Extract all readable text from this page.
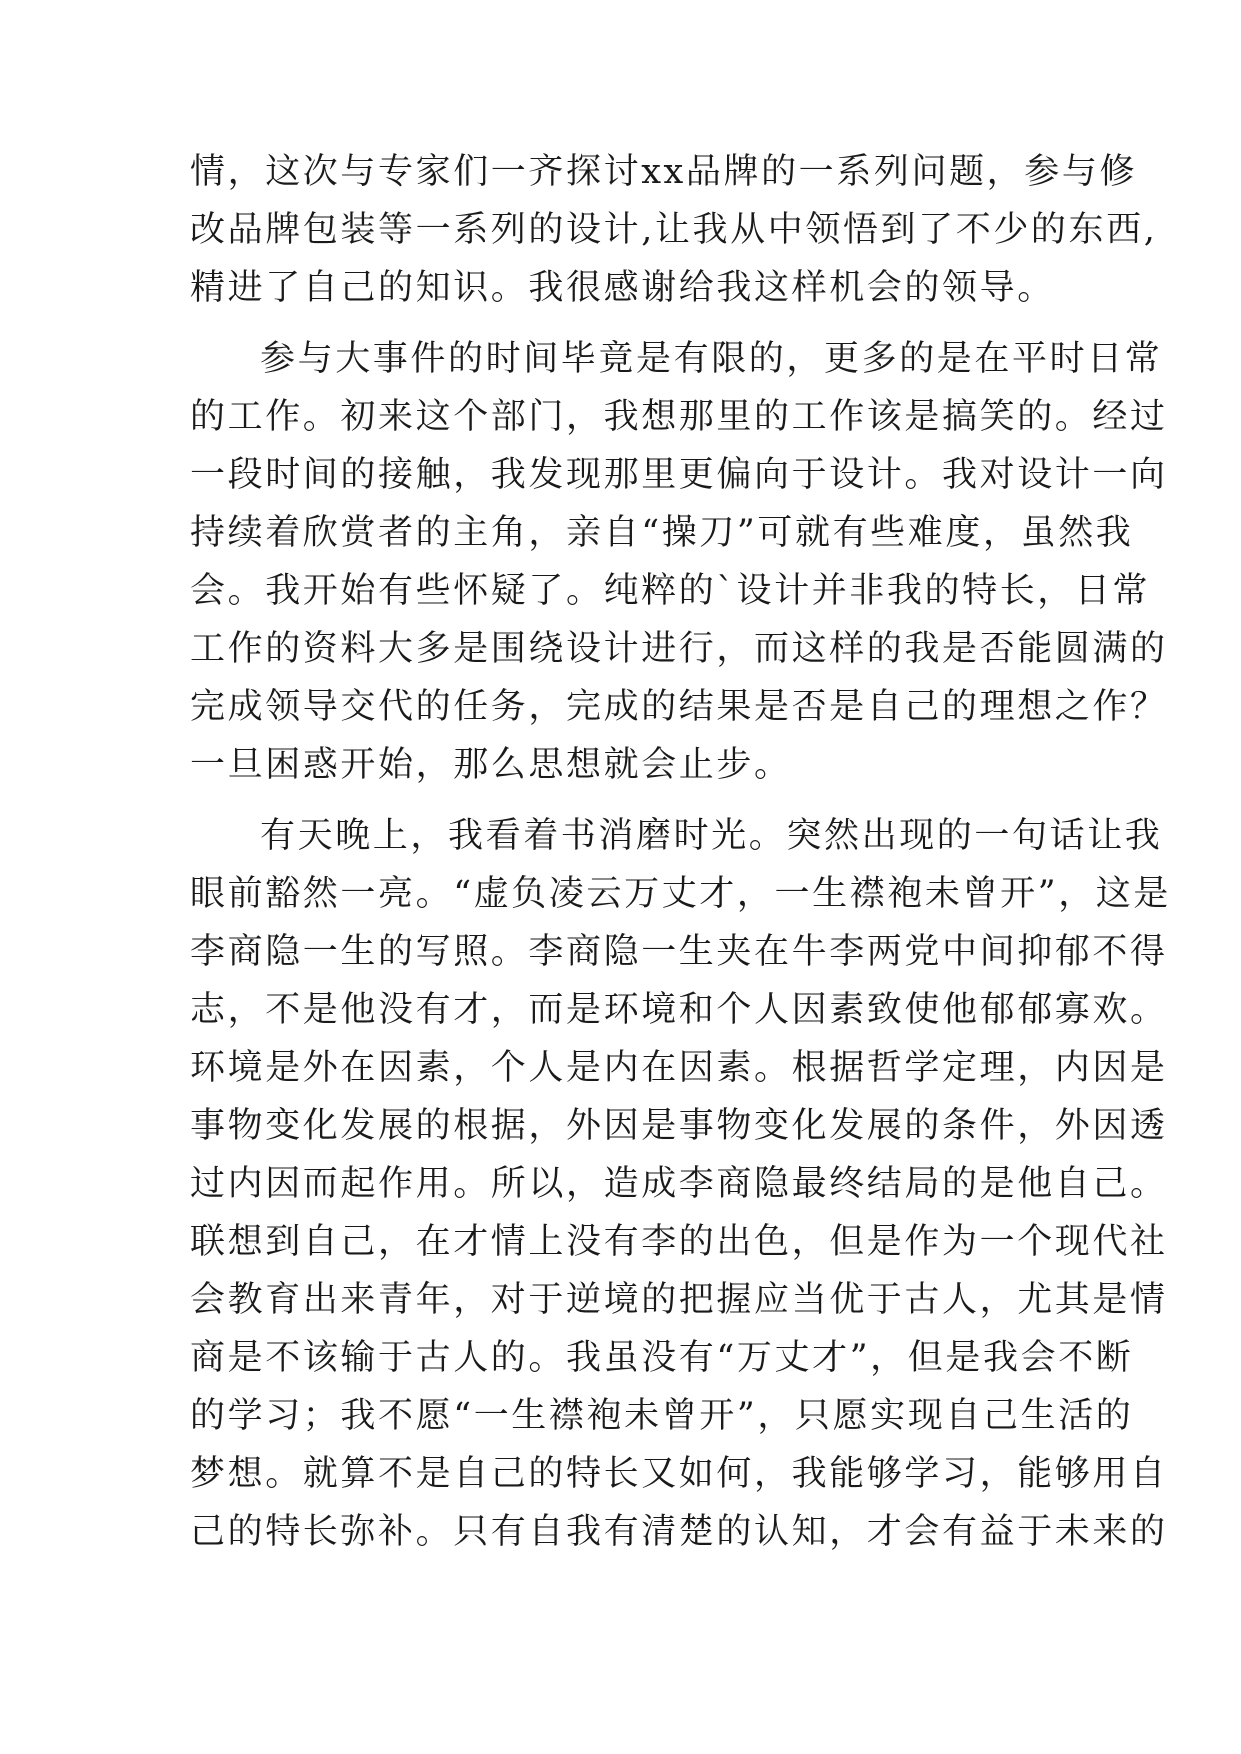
情，这次与专家们一齐探讨xx品牌的一系列问题，参与修
改品牌包装等一系列的设计,让我从中领悟到了不少的东西,
精进了自己的知识。我很感谢给我这样机会的领导。
参与大事件的时间毕竟是有限的，更多的是在平时日常
的工作。初来这个部门，我想那里的工作该是搞笑的。经过
一段时间的接触，我发现那里更偏向于设计。我对设计一向
持续着欣赏者的主角，亲自“操刀”可就有些难度，虽然我
会。我开始有些怀疑了。纯粹的`设计并非我的特长，日常
工作的资料大多是围绕设计进行，而这样的我是否能圆满的
完成领导交代的任务，完成的结果是否是自己的理想之作？
一旦困惑开始，那么思想就会止步。
有天晚上，我看着书消磨时光。突然出现的一句话让我
眼前豁然一亮。“虚负凌云万丈才，一生襟袍未曾开”，这是
李商隐一生的写照。李商隐一生夹在牛李两党中间抑郁不得
志，不是他没有才，而是环境和个人因素致使他郁郁寡欢。
环境是外在因素，个人是内在因素。根据哲学定理，内因是
事物变化发展的根据，外因是事物变化发展的条件，外因透
过内因而起作用。所以，造成李商隐最终结局的是他自己。
联想到自己，在才情上没有李的出色，但是作为一个现代社
会教育出来青年，对于逆境的把握应当优于古人，尤其是情
商是不该输于古人的。我虽没有“万丈才”，但是我会不断
的学习；我不愿“一生襟袍未曾开”，只愿实现自己生活的
梦想。就算不是自己的特长又如何，我能够学习，能够用自
己的特长弥补。只有自我有清楚的认知，才会有益于未来的
